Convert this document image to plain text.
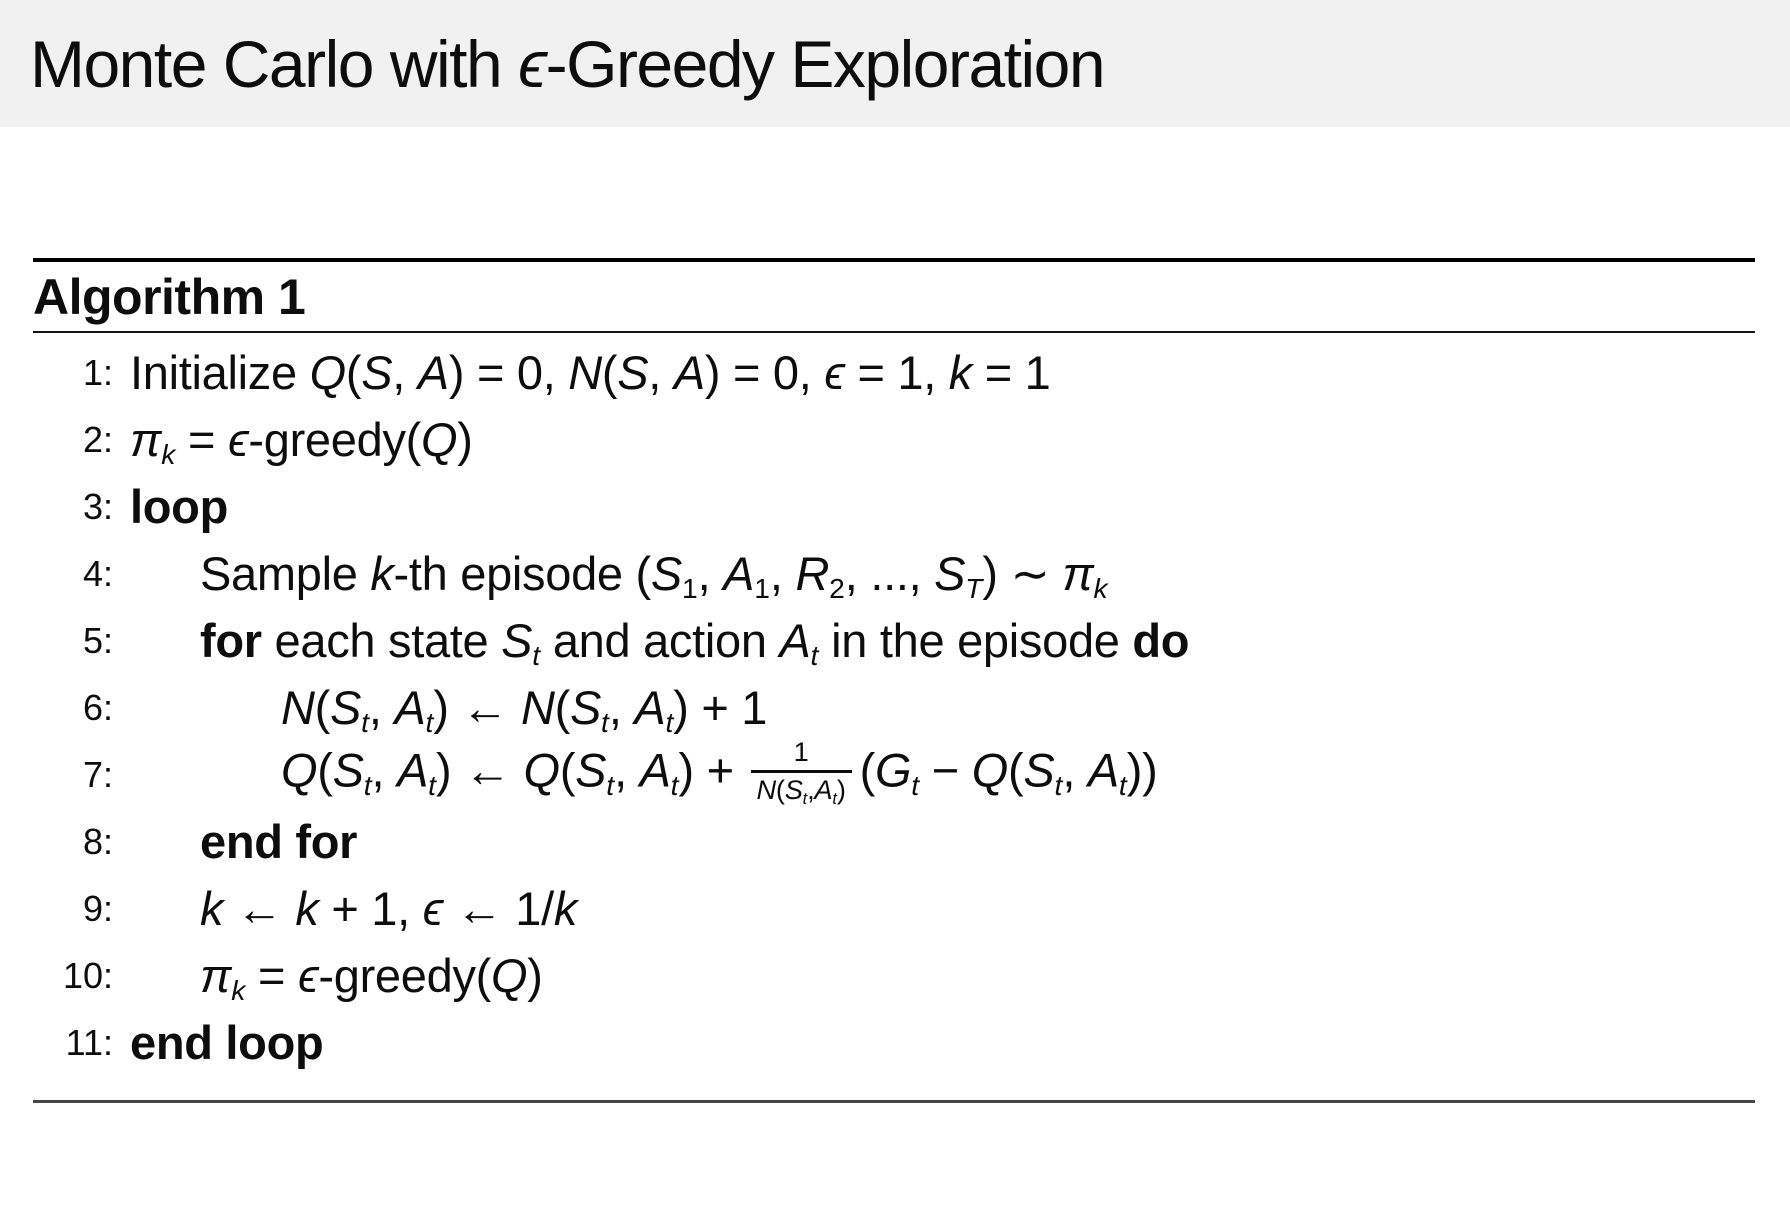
Monte Carlo with ϵ-Greedy Exploration
Algorithm 1
1: Initialize Q(S, A) = 0, N(S, A) = 0, ϵ = 1, k = 1
2: πk = ϵ-greedy(Q)
3: loop
4: Sample k-th episode (S1, A1, R2, ..., ST) ∼ πk
5: for each state St and action At in the episode do
6:	N(St, At) ← N(St, At) + 1
7:	Q(St, At) ← Q(St, $At) + \frac{1}{N(St,At)} (Gt - Q(St$, At))
8: end for
9: k ← k + 1, ϵ ← 1/k
10: πk = ϵ-greedy(Q)
11: end loop
